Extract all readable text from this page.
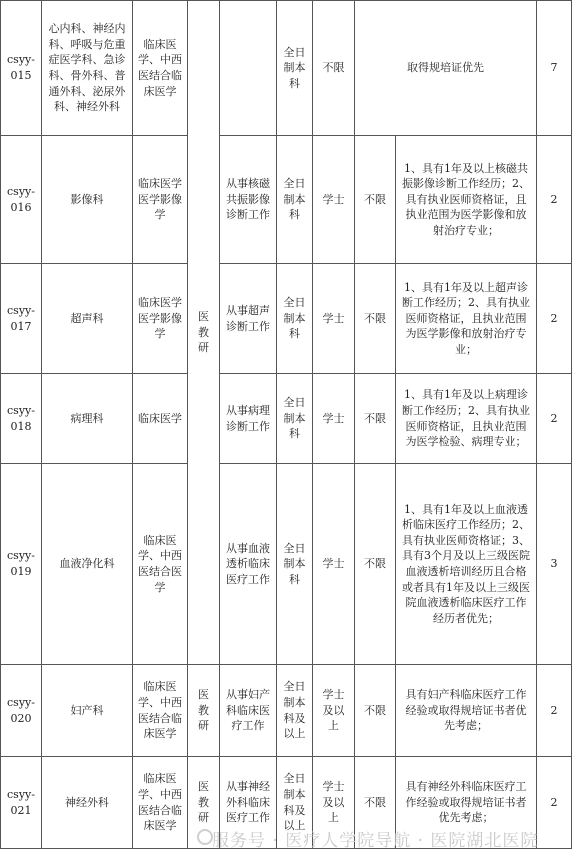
csyy-015	心内科、神经内科、呼吸与危重症医学科、急诊科、骨外科、普通外科、泌尿外科、神经外科	临床医学、中西医结合临床医学	医教研		全日制本科	不限	取得规培证优先		7
csyy-016	影像科	临床医学医学影像学		从事核磁共振影像诊断工作	全日制本科	学士	不限	1、具有1年及以上核磁共振影像诊断工作经历；2、具有执业医师资格证，且执业范围为医学影像和放射治疗专业；	2
csyy-017	超声科	临床医学医学影像学		从事超声诊断工作	全日制本科	学士	不限	1、具有1年及以上超声诊断工作经历；2、具有执业医师资格证，且执业范围为医学影像和放射治疗专业；	2
csyy-018	病理科	临床医学		从事病理诊断工作	全日制本科	学士	不限	1、具有1年及以上病理诊断工作经历；2、具有执业医师资格证，且执业范围为医学检验、病理专业；	2
csyy-019	血液净化科	临床医学、中西医结合医学		从事血液透析临床医疗工作	全日制本科	学士	不限	1、具有1年及以上血液透析临床医疗工作经历；2、具有执业医师资格证；3、具有3个月及以上三级医院血液透析培训经历且合格或者具有1年及以上三级医院血液透析临床医疗工作经历者优先；	3
csyy-020	妇产科	临床医学、中西医结合临床医学	医教研	从事妇产科临床医疗工作	全日制本科及以上	学士及以上	不限	具有妇产科临床医疗工作经验或取得规培证书者优先考虑；	2
csyy-021	神经外科	临床医学、中西医结合临床医学	医教研	从事神经外科临床医疗工作	全日制本科及以上	学士及以上	不限	具有神经外科临床医疗工作经验或取得规培证书者优先考虑；	2
服务号 · 医疗人学院导航 · 医院湖北医院
